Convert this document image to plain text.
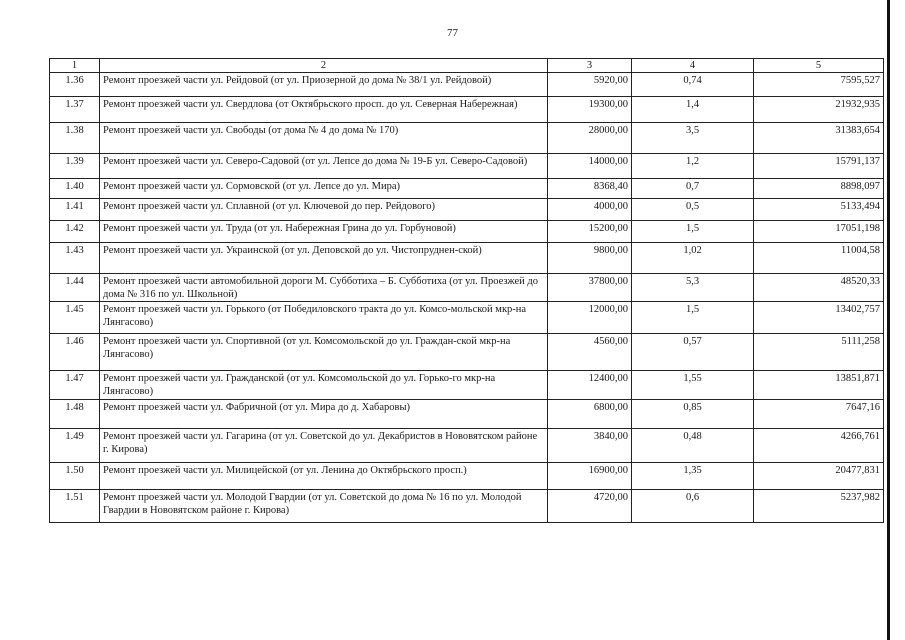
77
1	2	3	4	5
1.36	Ремонт проезжей части ул. Рейдовой (от ул. Приозерной до дома № 38/1 ул. Рейдовой)	5920,00	0,74	7595,527
1.37	Ремонт проезжей части ул. Свердлова (от Октябрьского просп. до ул. Северная Набережная)	19300,00	1,4	21932,935
1.38	Ремонт проезжей части ул. Свободы (от дома № 4 до дома № 170)	28000,00	3,5	31383,654
1.39	Ремонт проезжей части ул. Северо-Садовой (от ул. Лепсе до дома № 19-Б ул. Северо-Садовой)	14000,00	1,2	15791,137
1.40	Ремонт проезжей части ул. Сормовской (от ул. Лепсе до ул. Мира)	8368,40	0,7	8898,097
1.41	Ремонт проезжей части ул. Сплавной (от ул. Ключевой до пер. Рейдового)	4000,00	0,5	5133,494
1.42	Ремонт проезжей части ул. Труда (от ул. Набережная Грина до ул. Горбуновой)	15200,00	1,5	17051,198
1.43	Ремонт проезжей части ул. Украинской (от ул. Деповской до ул. Чистопруднен-ской)	9800,00	1,02	11004,58
1.44	Ремонт проезжей части автомобильной дороги М. Субботиха – Б. Субботиха (от ул. Проезжей до дома № 316 по ул. Школьной)	37800,00	5,3	48520,33
1.45	Ремонт проезжей части ул. Горького (от Победиловского тракта до ул. Комсо-мольской мкр-на Лянгасово)	12000,00	1,5	13402,757
1.46	Ремонт проезжей части ул. Спортивной (от ул. Комсомольской до ул. Граждан-ской мкр-на Лянгасово)	4560,00	0,57	5111,258
1.47	Ремонт проезжей части ул. Гражданской (от ул. Комсомольской до ул. Горько-го мкр-на Лянгасово)	12400,00	1,55	13851,871
1.48	Ремонт проезжей части ул. Фабричной (от ул. Мира до д. Хабаровы)	6800,00	0,85	7647,16
1.49	Ремонт проезжей части ул. Гагарина (от ул. Советской до ул. Декабристов в Нововятском районе г. Кирова)	3840,00	0,48	4266,761
1.50	Ремонт проезжей части ул. Милицейской (от ул. Ленина до Октябрьского просп.)	16900,00	1,35	20477,831
1.51	Ремонт проезжей части ул. Молодой Гвардии (от ул. Советской до дома № 16 по ул. Молодой Гвардии в Нововятском районе г. Кирова)	4720,00	0,6	5237,982
